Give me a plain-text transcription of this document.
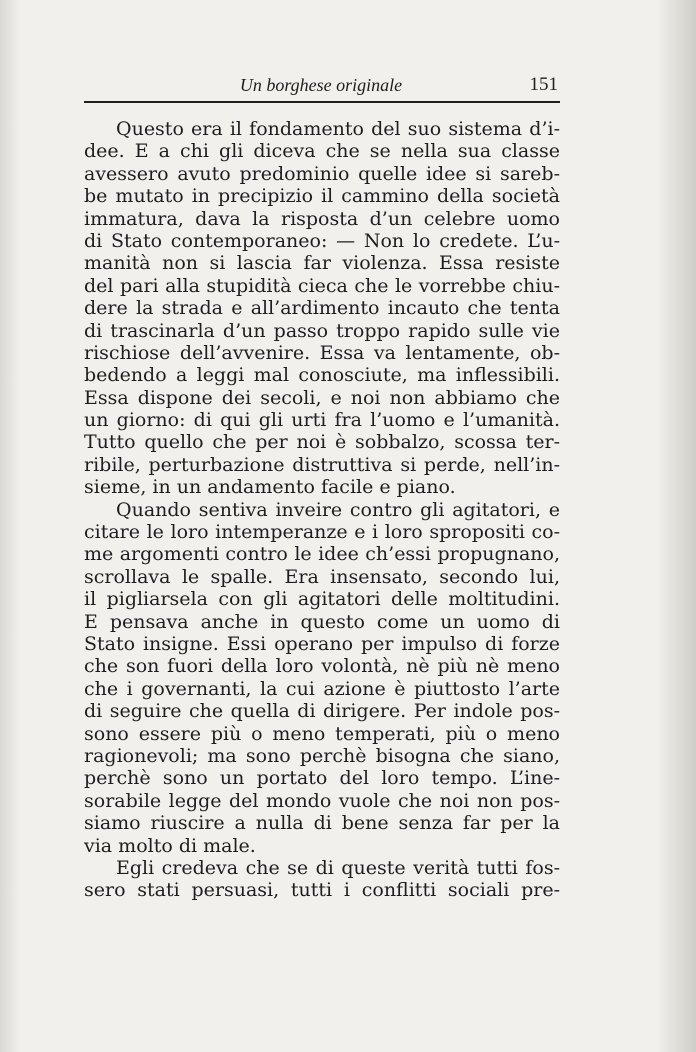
Un borghese originale	151
Questo era il fondamento del suo sistema d’i-
dee. E a chi gli diceva che se nella sua classe
avessero avuto predominio quelle idee si sareb-
be mutato in precipizio il cammino della società
immatura, dava la risposta d’un celebre uomo
di Stato contemporaneo: — Non lo credete. L’u-
manità non si lascia far violenza. Essa resiste
del pari alla stupidità cieca che le vorrebbe chiu-
dere la strada e all’ardimento incauto che tenta
di trascinarla d’un passo troppo rapido sulle vie
rischiose dell’avvenire. Essa va lentamente, ob-
bedendo a leggi mal conosciute, ma inflessibili.
Essa dispone dei secoli, e noi non abbiamo che
un giorno: di qui gli urti fra l’uomo e l’umanità.
Tutto quello che per noi è sobbalzo, scossa ter-
ribile, perturbazione distruttiva si perde, nell’in-
sieme, in un andamento facile e piano.
Quando sentiva inveire contro gli agitatori, e
citare le loro intemperanze e i loro spropositi co-
me argomenti contro le idee ch’essi propugnano,
scrollava le spalle. Era insensato, secondo lui,
il pigliarsela con gli agitatori delle moltitudini.
E pensava anche in questo come un uomo di
Stato insigne. Essi operano per impulso di forze
che son fuori della loro volontà, nè più nè meno
che i governanti, la cui azione è piuttosto l’arte
di seguire che quella di dirigere. Per indole pos-
sono essere più o meno temperati, più o meno
ragionevoli; ma sono perchè bisogna che siano,
perchè sono un portato del loro tempo. L’ine-
sorabile legge del mondo vuole che noi non pos-
siamo riuscire a nulla di bene senza far per la
via molto di male.
Egli credeva che se di queste verità tutti fos-
sero stati persuasi, tutti i conflitti sociali pre-
